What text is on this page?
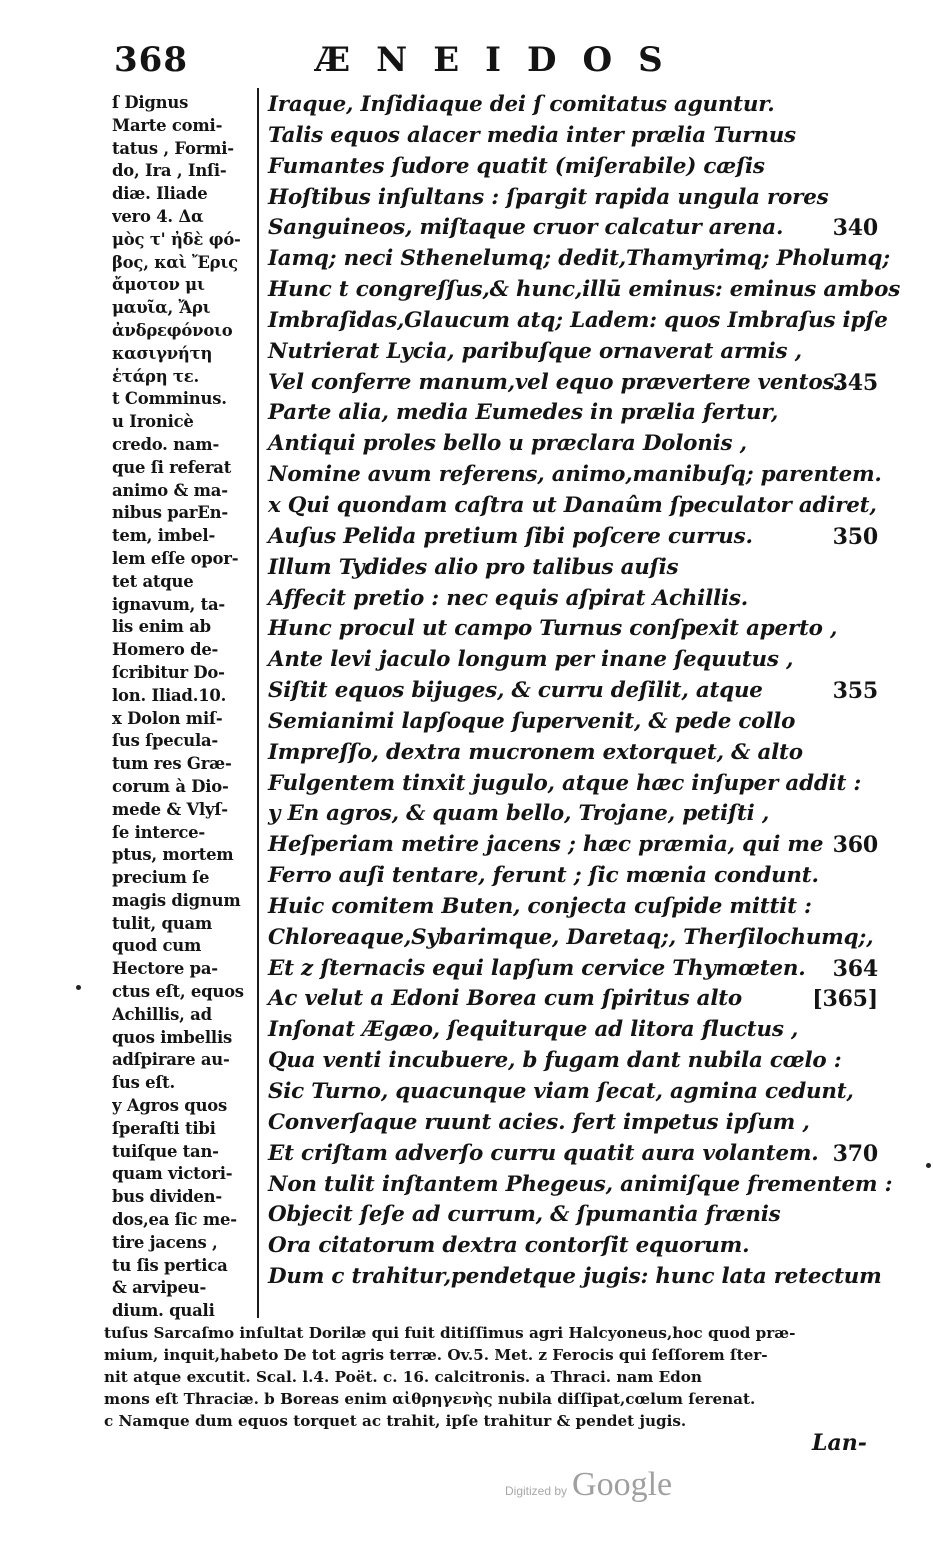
368	ÆNEIDOS
ſ Dignus
Marte comi-
tatus , Formi-
do, Ira , Inſi-
diæ. Iliade
vero 4. Δα
μὸς τ' ἠδὲ φό-
βος, καὶ Ἔρις
ἄμοτον μι
μαυῖα, Ἄρι
ἀνδρεφόνοιο
κασιγνήτη
ἑτάρη τε.
t Comminus.
u Ironicè
credo. nam-
que ſi referat
animo & ma-
nibus parEn-
tem, imbel-
lem eſſe opor-
tet atque
ignavum, ta-
lis enim ab
Homero de-
ſcribitur Do-
lon. Iliad.10.
x Dolon miſ-
ſus ſpecula-
tum res Græ-
corum à Dio-
mede & Vlyſ-
ſe interce-
ptus, mortem
precium ſe
magis dignum
tulit, quam
quod cum
Hectore pa-
ctus eſt, equos
Achillis, ad
quos imbellis
adſpirare au-
ſus eſt.
y Agros quos
ſperaſti tibi
tuiſque tan-
quam victori-
bus dividen-
dos,ea ſic me-
tire jacens ,
tu ſis pertica
& arvipeu-
dium. quali
Iraque, Inſidiaque dei ſ comitatus aguntur.
Talis equos alacer media inter prælia Turnus
Fumantes ſudore quatit (miſerabile) cæſis
Hoſtibus inſultans : ſpargit rapida ungula rores
Sanguineos, miſtaque cruor calcatur arena. 340
Iamq; neci Sthenelumq; dedit,Thamyrimq; Pholumq;
Hunc t congreſſus,& hunc,illū eminus: eminus ambos
Imbraſidas,Glaucum atq; Ladem: quos Imbraſus ipſe
Nutrierat Lycia, paribuſque ornaverat armis ,
Vel conferre manum,vel equo prævertere ventos.
345
Parte alia, media Eumedes in prælia fertur,
Antiqui proles bello u præclara Dolonis ,
Nomine avum referens, animo,manibuſq; parentem.
x Qui quondam caſtra ut Danaûm ſpeculator adiret,
Auſus Pelida pretium ſibi poſcere currus.	350
Illum Tydides alio pro talibus auſis
Affecit pretio : nec equis aſpirat Achillis.
Hunc procul ut campo Turnus conſpexit aperto ,
Ante levi jaculo longum per inane ſequutus ,
Siſtit equos bijuges, & curru deſilit, atque	355
Semianimi lapſoque ſupervenit, & pede collo
Impreſſo, dextra mucronem extorquet, & alto
Fulgentem tinxit jugulo, atque hæc inſuper addit :
y En agros, & quam bello, Trojane, petiſti ,
Heſperiam metire jacens ; hæc præmia, qui me 360
Ferro auſi tentare, ferunt ; ſic mœnia condunt.
Huic comitem Buten, conjecta cuſpide mittit :
Chloreaque,Sybarimque, Daretaq;, Therſilochumq;,
Et z ſternacis equi lapſum cervice Thymœten. 364
Ac velut a Edoni Borea cum ſpiritus alto	[365]
Inſonat Ægæo, ſequiturque ad litora fluctus ,
Qua venti incubuere, b fugam dant nubila cœlo :
Sic Turno, quacunque viam ſecat, agmina cedunt,
Converſaque ruunt acies. fert impetus ipſum ,
Et criſtam adverſo curru quatit aura volantem. 370
Non tulit inſtantem Phegeus, animiſque frementem :
Objecit ſeſe ad currum, & ſpumantia frænis
Ora citatorum dextra contorſit equorum.
Dum c trahitur,pendetque jugis: hunc lata retectum
tuſus Sarcaſmo inſultat Dorilæ qui fuit ditiſſimus agri Halcyoneus,hoc quod præ-
mium, inquit,habeto De tot agris terræ. Ov.5. Met. z Ferocis qui ſeſſorem ſter-
nit atque excutit. Scal. l.4. Poët. c. 16. calcitronis. a Thraci. nam Edon
mons eſt Thraciæ. b Boreas enim αἰθρηγενὴς nubila diſſipat,cœlum ſerenat.
c Namque dum equos torquet ac trahit, ipſe trahitur & pendet jugis.
Lan-
Digitized by Google
